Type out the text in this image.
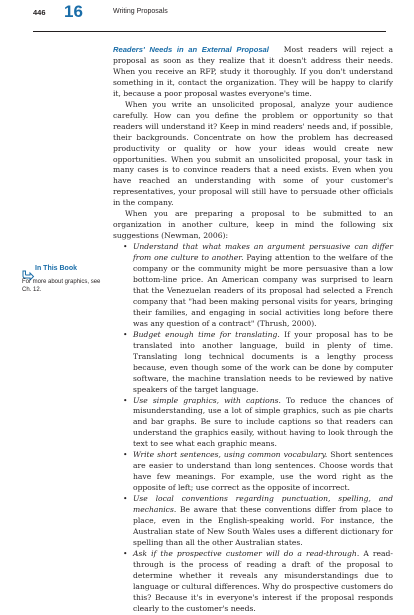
446 16	Writing Proposals
In This Book
For more about graphics, see Ch. 12.

Readers' Needs in an External Proposal Most readers will reject a proposal as soon as they realize that it doesn't address their needs. When you receive an RFP, study it thoroughly. If you don't understand something in it, contact the organization. They will be happy to clarify it, because a poor proposal wastes everyone's time.

When you write an unsolicited proposal, analyze your audience carefully. How can you define the problem or opportunity so that readers will understand it? Keep in mind readers' needs and, if possible, their backgrounds. Concentrate on how the problem has decreased productivity or quality or how your ideas would create new opportunities. When you submit an unsolicited proposal, your task in many cases is to convince readers that a need exists. Even when you have reached an understanding with some of your customer's representatives, your proposal will still have to persuade other officials in the company.

When you are preparing a proposal to be submitted to an organization in another culture, keep in mind the following six suggestions (Newman, 2006):

• Understand that what makes an argument persuasive can differ from one culture to another. Paying attention to the welfare of the company or the community might be more persuasive than a low bottom-line price. An American company was surprised to learn that the Venezuelan readers of its proposal had selected a French company that "had been making personal visits for years, bringing their families, and engaging in social activities long before there was any question of a contract" (Thrush, 2000).
• Budget enough time for translating. If your proposal has to be translated into another language, build in plenty of time. Translating long technical documents is a lengthy process because, even though some of the work can be done by computer software, the machine translation needs to be reviewed by native speakers of the target language.
• Use simple graphics, with captions. To reduce the chances of misunderstanding, use a lot of simple graphics, such as pie charts and bar graphs. Be sure to include captions so that readers can understand the graphics easily, without having to look through the text to see what each graphic means.
• Write short sentences, using common vocabulary. Short sentences are easier to understand than long sentences. Choose words that have few meanings. For example, use the word right as the opposite of left; use correct as the opposite of incorrect.
• Use local conventions regarding punctuation, spelling, and mechanics. Be aware that these conventions differ from place to place, even in the English-speaking world. For instance, the Australian state of New South Wales uses a different dictionary for spelling than all the other Australian states.
• Ask if the prospective customer will do a read-through. A read-through is the process of reading a draft of the proposal to determine whether it reveals any misunderstandings due to language or cultural differences. Why do prospective customers do this? Because it's in everyone's interest if the proposal responds clearly to the customer's needs.
